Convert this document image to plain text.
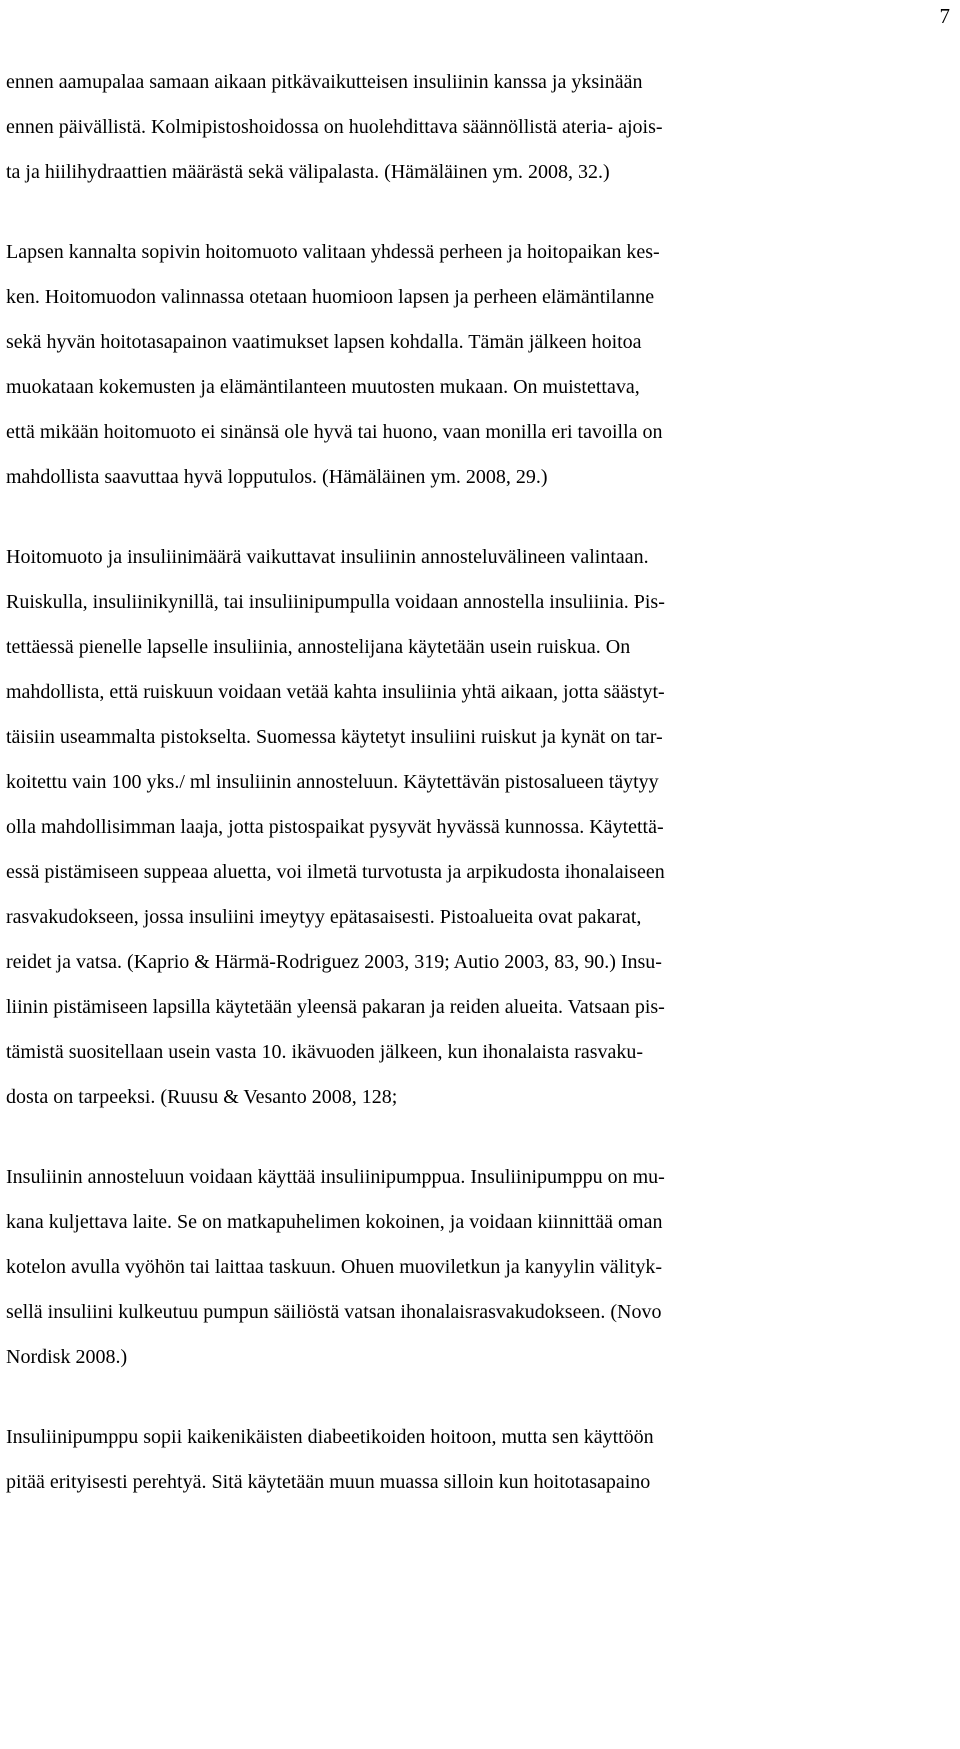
7

ennen aamupalaa samaan aikaan pitkävaikutteisen insuliinin kanssa ja yksinään
ennen päivällistä. Kolmipistoshoidossa on huolehdittava säännöllistä ateria- ajois-
ta ja hiilihydraattien määrästä sekä välipalasta. (Hämäläinen ym. 2008, 32.)

Lapsen kannalta sopivin hoitomuoto valitaan yhdessä perheen ja hoitopaikan kes-
ken. Hoitomuodon valinnassa otetaan huomioon lapsen ja perheen elämäntilanne
sekä hyvän hoitotasapainon vaatimukset lapsen kohdalla. Tämän jälkeen hoitoa
muokataan kokemusten ja elämäntilanteen muutosten mukaan. On muistettava,
että mikään hoitomuoto ei sinänsä ole hyvä tai huono, vaan monilla eri tavoilla on
mahdollista saavuttaa hyvä lopputulos. (Hämäläinen ym. 2008, 29.)

Hoitomuoto ja insuliinimäärä vaikuttavat insuliinin annosteluvälineen valintaan.
Ruiskulla, insuliinikynillä, tai insuliinipumpulla voidaan annostella insuliinia. Pis-
tettäessä pienelle lapselle insuliinia, annostelijana käytetään usein ruiskua. On
mahdollista, että ruiskuun voidaan vetää kahta insuliinia yhtä aikaan, jotta säästyt-
täisiin useammalta pistokselta. Suomessa käytetyt insuliini ruiskut ja kynät on tar-
koitettu vain 100 yks./ ml insuliinin annosteluun. Käytettävän pistosalueen täytyy
olla mahdollisimman laaja, jotta pistospaikat pysyvät hyvässä kunnossa. Käytettä-
essä pistämiseen suppeaa aluetta, voi ilmetä turvotusta ja arpikudosta ihonalaiseen
rasvakudokseen, jossa insuliini imeytyy epätasaisesti. Pistoalueita ovat pakarat,
reidet ja vatsa. (Kaprio & Härmä-Rodriguez 2003, 319; Autio 2003, 83, 90.) Insu-
liinin pistämiseen lapsilla käytetään yleensä pakaran ja reiden alueita. Vatsaan pis-
tämistä suositellaan usein vasta 10. ikävuoden jälkeen, kun ihonalaista rasvaku-
dosta on tarpeeksi. (Ruusu & Vesanto 2008, 128;

Insuliinin annosteluun voidaan käyttää insuliinipumppua. Insuliinipumppu on mu-
kana kuljettava laite. Se on matkapuhelimen kokoinen, ja voidaan kiinnittää oman
kotelon avulla vyöhön tai laittaa taskuun. Ohuen muoviletkun ja kanyylin välityk-
sellä insuliini kulkeutuu pumpun säiliöstä vatsan ihonalaisrasvakudokseen. (Novo
Nordisk 2008.)

Insuliinipumppu sopii kaikenikäisten diabeetikoiden hoitoon, mutta sen käyttöön
pitää erityisesti perehtyä. Sitä käytetään muun muassa silloin kun hoitotasapaino
